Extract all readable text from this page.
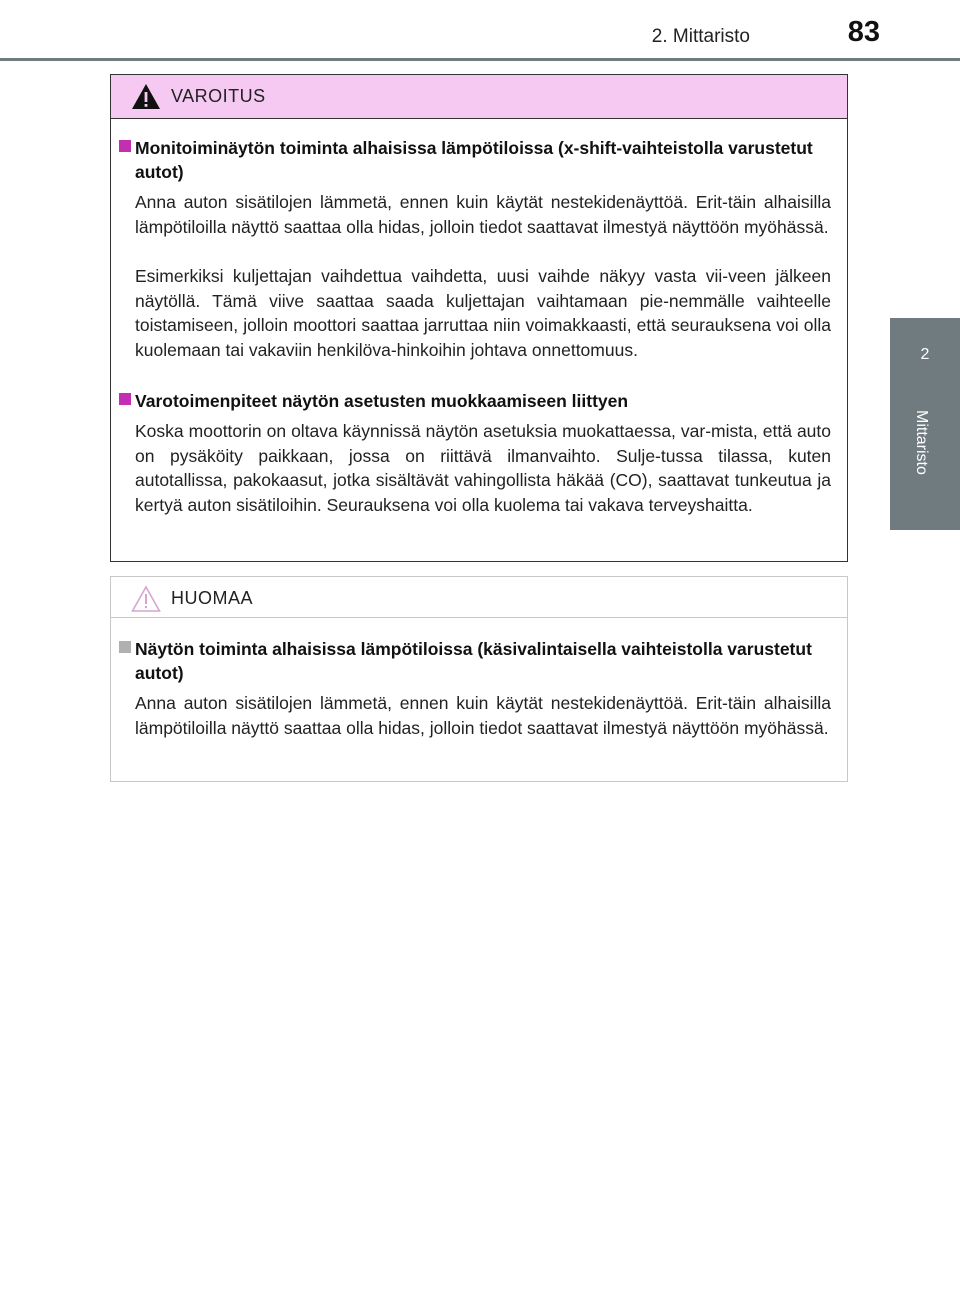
2. Mittaristo	83
2
Mittaristo
VAROITUS
Monitoiminäytön toiminta alhaisissa lämpötiloissa (x-shift-vaihteistolla varustetut autot)
Anna auton sisätilojen lämmetä, ennen kuin käytät nestekidenäyttöä. Erit-täin alhaisilla lämpötiloilla näyttö saattaa olla hidas, jolloin tiedot saattavat ilmestyä näyttöön myöhässä.
Esimerkiksi kuljettajan vaihdettua vaihdetta, uusi vaihde näkyy vasta vii-veen jälkeen näytöllä. Tämä viive saattaa saada kuljettajan vaihtamaan pie-nemmälle vaihteelle toistamiseen, jolloin moottori saattaa jarruttaa niin voimakkaasti, että seurauksena voi olla kuolemaan tai vakaviin henkilöva-hinkoihin johtava onnettomuus.
Varotoimenpiteet näytön asetusten muokkaamiseen liittyen
Koska moottorin on oltava käynnissä näytön asetuksia muokattaessa, var-mista, että auto on pysäköity paikkaan, jossa on riittävä ilmanvaihto. Sulje-tussa tilassa, kuten autotallissa, pakokaasut, jotka sisältävät vahingollista häkää (CO), saattavat tunkeutua ja kertyä auton sisätiloihin. Seurauksena voi olla kuolema tai vakava terveyshaitta.
HUOMAA
Näytön toiminta alhaisissa lämpötiloissa (käsivalintaisella vaihteistolla varustetut autot)
Anna auton sisätilojen lämmetä, ennen kuin käytät nestekidenäyttöä. Erit-täin alhaisilla lämpötiloilla näyttö saattaa olla hidas, jolloin tiedot saattavat ilmestyä näyttöön myöhässä.
